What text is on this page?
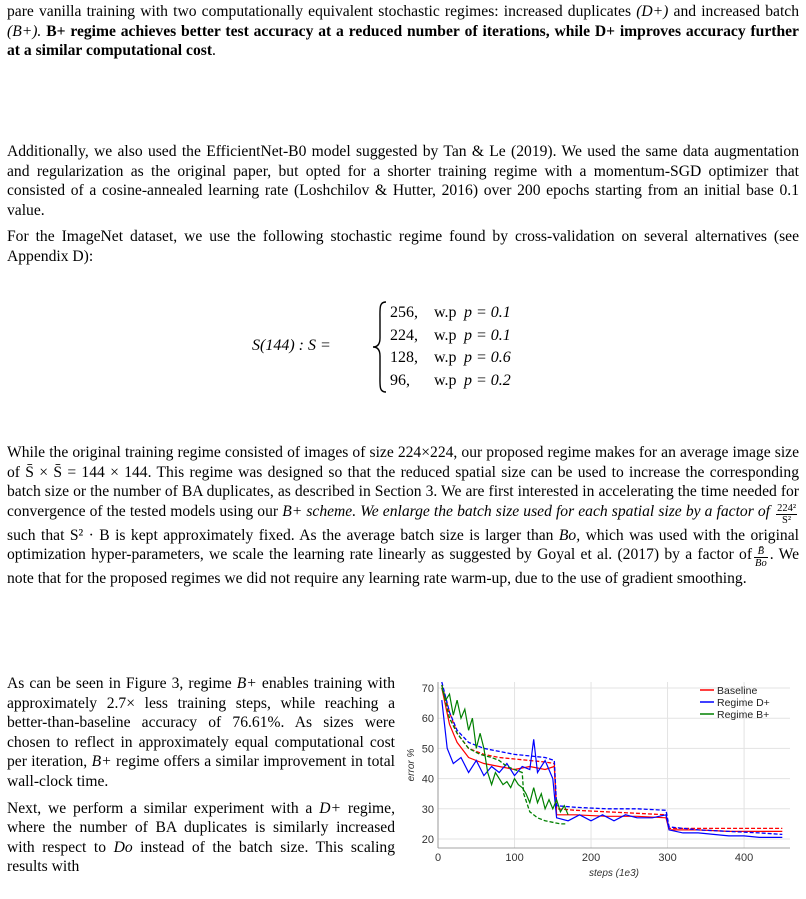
pare vanilla training with two computationally equivalent stochastic regimes: increased duplicates (D+) and increased batch (B+). B+ regime achieves better test accuracy at a reduced number of iterations, while D+ improves accuracy further at a similar computational cost.

Additionally, we also used the EfficientNet-B0 model suggested by Tan & Le (2019). We used the same data augmentation and regularization as the original paper, but opted for a shorter training regime with a momentum-SGD optimizer that consisted of a cosine-annealed learning rate (Loshchilov & Hutter, 2016) over 200 epochs starting from an initial base 0.1 value.

For the ImageNet dataset, we use the following stochastic regime found by cross-validation on several alternatives (see Appendix D):

S(144) : S =
256, w.p p = 0.1
224, w.p p = 0.1
128, w.p p = 0.6
96, w.p p = 0.2

While the original training regime consisted of images of size 224×224, our proposed regime makes for an average image size of S̄ × S̄ = 144 × 144. This regime was designed so that the reduced spatial size can be used to increase the corresponding batch size or the number of BA duplicates, as described in Section 3. We are first interested in accelerating the time needed for convergence of the tested models using our B+ scheme. We enlarge the batch size used for each spatial size by a factor of $\frac{\text{224²}}{\text{S²}}$
such that S² · B is kept approximately fixed. As the average batch size is larger than Bo, which was used with the original optimization hyper-parameters, we scale the learning rate linearly as suggested by Goyal et al. (2017) by a factor of $\frac{B̄}{Bo}$ . We note that for the proposed regimes we did not require any learning rate warm-up, due to the use of gradient smoothing.

As can be seen in Figure 3, regime B+ enables training with approximately 2.7× less training steps, while reaching a better-than-baseline accuracy of 76.61%. As sizes were chosen to reflect in approximately equal computational cost per iteration, B+ regime offers a similar improvement in total wall-clock time.

Next, we perform a similar experiment with a D+ regime, where the number of BA duplicates is similarly increased with respect to Do instead of the batch size. This scaling results with

0	100	200	300	400
20
30
40
50
60
70
steps (1e3)
error %
Baseline
Regime D+
Regime B+
